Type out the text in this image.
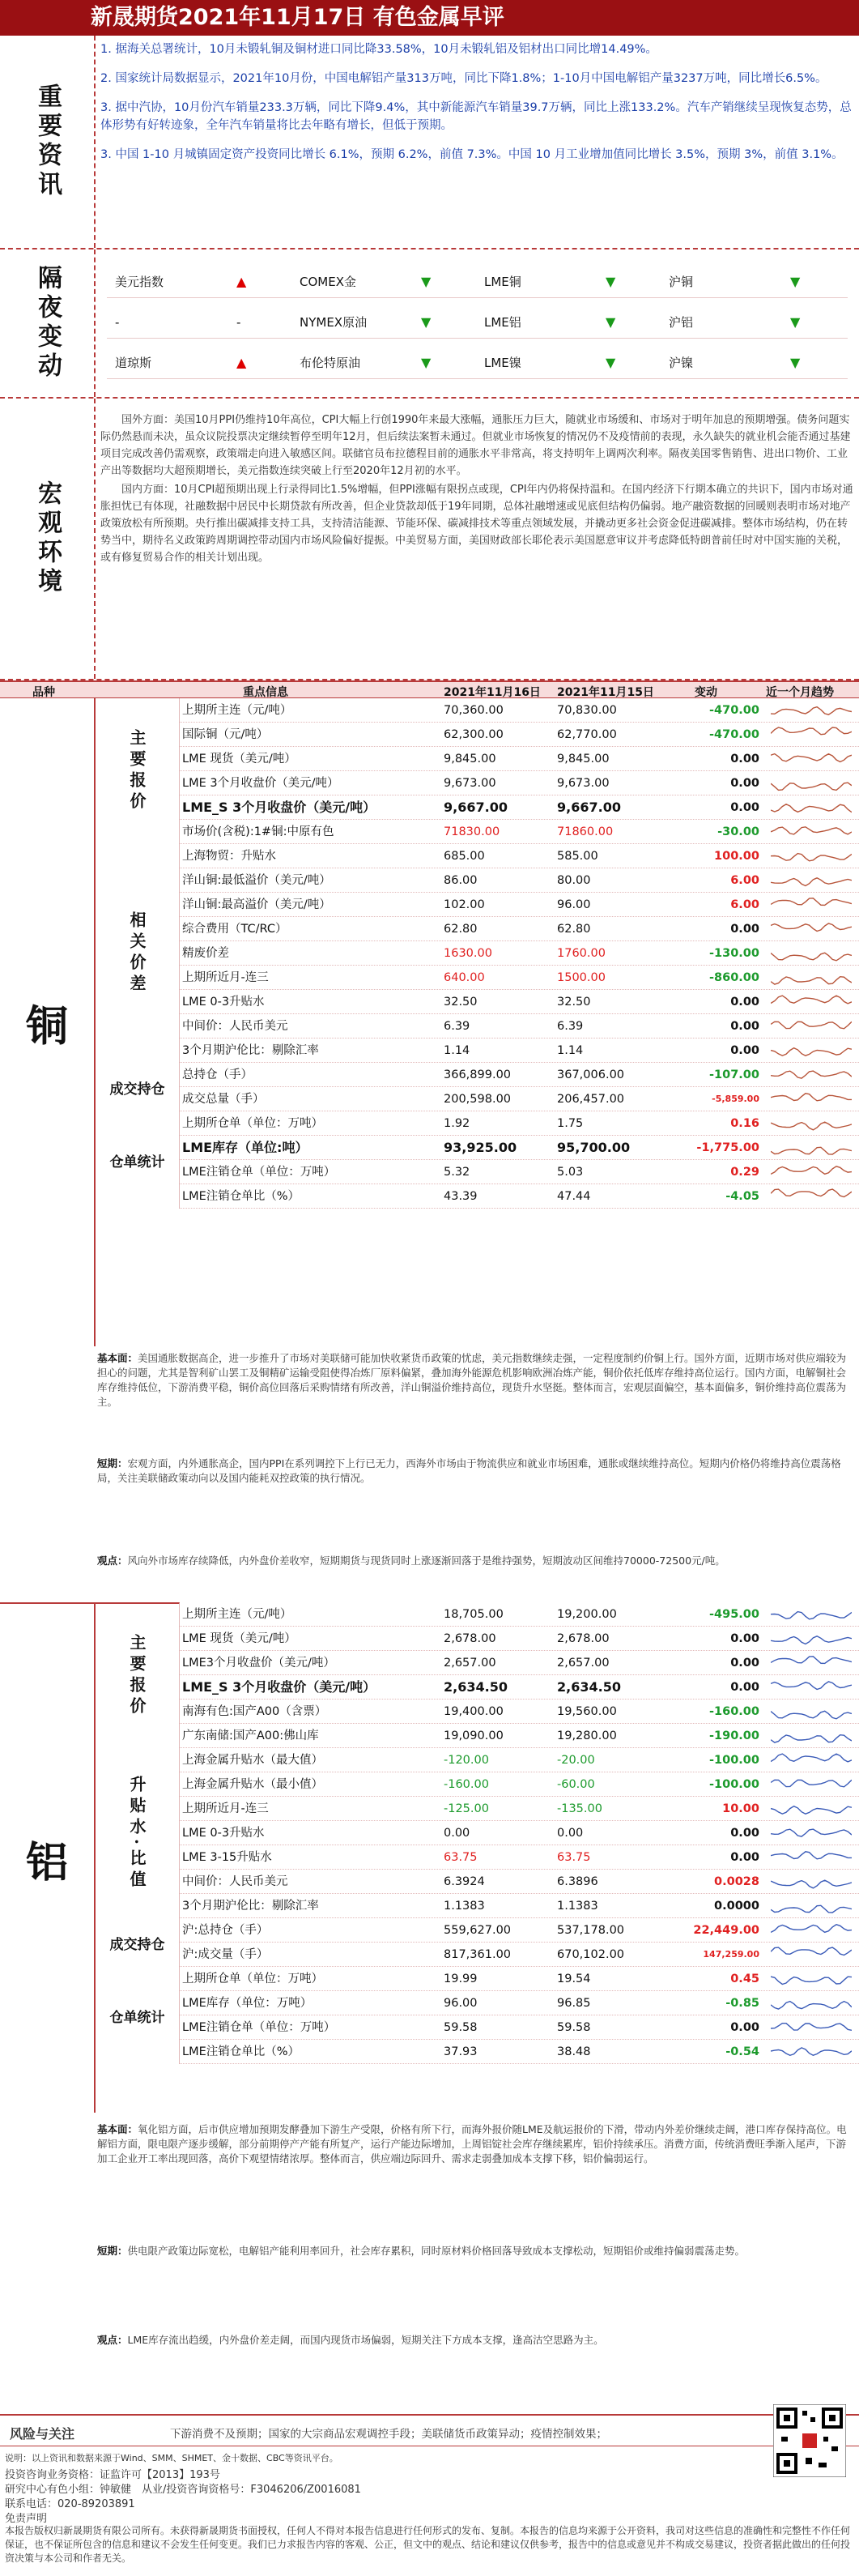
新晟期货2021年11月17日 有色金属早评
重要资讯

1. 据海关总署统计，10月未锻轧铜及铜材进口同比降33.58%，10月未锻轧铝及铝材出口同比增14.49%。

2. 国家统计局数据显示，2021年10月份，中国电解铝产量313万吨，同比下降1.8%；1-10月中国电解铝产量3237万吨，同比增长6.5%。

3. 据中汽协，10月份汽车销量233.3万辆，同比下降9.4%，其中新能源汽车销量39.7万辆，同比上涨133.2%。汽车产销继续呈现恢复态势，总体形势有好转迹象，全年汽车销量将比去年略有增长，但低于预期。

3. 中国 1-10 月城镇固定资产投资同比增长 6.1%，预期 6.2%，前值 7.3%。中国 10 月工业增加值同比增长 3.5%，预期 3%，前值 3.1%。

隔夜变动	美元指数	▲	COMEX金	▼	LME铜	▼	沪铜	▼
-	-	NYMEX原油	▼	LME铝	▼	沪铝	▼
道琼斯	▲	布伦特原油	▼	LME镍	▼	沪镍	▼
宏观环境

国外方面：美国10月PPI仍维持10年高位，CPI大幅上行创1990年来最大涨幅，通胀压力巨大，随就业市场缓和、市场对于明年加息的预期增强。债务问题实际仍然悬而未决，虽众议院投票决定继续暂停至明年12月，但后续法案暂未通过。但就业市场恢复的情况仍不及疫情前的表现，永久缺失的就业机会能否通过基建项目完成改善仍需观察，政策端走向进入敏感区间。联储官员布拉德程目前的通胀水平非常高，将支持明年上调两次利率。隔夜美国零售销售、进出口物价、工业产出等数据均大超预期增长，美元指数连续突破上行至2020年12月初的水平。

国内方面：10月CPI超预期出现上行录得同比1.5%增幅，但PPI涨幅有限拐点或现，CPI年内仍将保持温和。在国内经济下行期本确立的共识下，国内市场对通胀担忧已有体现，社融数据中居民中长期贷款有所改善，但企业贷款却低于19年同期，总体社融增速或见底但结构仍偏弱。地产融资数据的回暖则表明市场对地产政策放松有所预期。央行推出碳减排支持工具，支持清洁能源、节能环保、碳减排技术等重点领域发展，并撬动更多社会资金促进碳减排。整体市场结构，仍在转势当中，期待名义政策跨周期调控带动国内市场风险偏好提振。中美贸易方面，美国财政部长耶伦表示美国愿意审议并考虑降低特朗普前任时对中国实施的关税，或有修复贸易合作的相关计划出现。

品种	重点信息	2021年11月16日 2021年11月15日	变动	近一个月趋势
铜
主要报价
相关价差
成交持仓
仓单统计
上期所主连（元/吨）	70,360.00	70,830.00	-470.00
国际铜（元/吨）	62,300.00	62,770.00	-470.00
LME 现货（美元/吨）	9,845.00	9,845.00	0.00
LME 3个月收盘价（美元/吨）	9,673.00	9,673.00	0.00
LME_S 3个月收盘价（美元/吨）	9,667.00	9,667.00	0.00
市场价(含税):1#铜:中原有色	71830.00	71860.00	-30.00
上海物贸：升贴水	685.00	585.00	100.00
洋山铜:最低溢价（美元/吨）	86.00	80.00	6.00
洋山铜:最高溢价（美元/吨）	102.00	96.00	6.00
综合费用（TC/RC）	62.80	62.80	0.00
精废价差	1630.00	1760.00	-130.00
上期所近月-连三	640.00	1500.00	-860.00
LME 0-3升贴水	32.50	32.50	0.00
中间价：人民币美元	6.39	6.39	0.00
3个月期沪伦比：剔除汇率	1.14	1.14	0.00
总持仓（手）	366,899.00	367,006.00	-107.00
成交总量（手）	200,598.00	206,457.00	-5,859.00
上期所仓单（单位：万吨）	1.92	1.75	0.16
LME库存（单位:吨）	93,925.00	95,700.00	-1,775.00
LME注销仓单（单位：万吨）	5.32	5.03	0.29
LME注销仓单比（%）	43.39	47.44	-4.05
基本面：美国通胀数据高企，进一步推升了市场对美联储可能加快收紧货币政策的忧虑，美元指数继续走强，一定程度制约价铜上行。国外方面，近期市场对供应端较为担心的问题，尤其是智利矿山罢工及铜精矿运输受阻使得冶炼厂原料偏紧，叠加海外能源危机影响欧洲冶炼产能，铜价依托低库存维持高位运行。国内方面，电解铜社会库存维持低位，下游消费平稳，铜价高位回落后采购情绪有所改善，洋山铜溢价维持高位，现货升水坚挺。整体而言，宏观层面偏空，基本面偏多，铜价维持高位震荡为主。
短期：宏观方面，内外通胀高企，国内PPI在系列调控下上行已无力，西海外市场由于物流供应和就业市场困难，通胀或继续维持高位。短期内价格仍将维持高位震荡格局，关注美联储政策动向以及国内能耗双控政策的执行情况。
观点：风向外市场库存续降低，内外盘价差收窄，短期期货与现货同时上涨逐渐回落于是维持强势，短期波动区间维持70000-72500元/吨。
铝
主要报价
升贴水·比值
成交持仓
仓单统计
上期所主连（元/吨）	18,705.00	19,200.00	-495.00
LME 现货（美元/吨）	2,678.00	2,678.00	0.00
LME3个月收盘价（美元/吨）	2,657.00	2,657.00	0.00
LME_S 3个月收盘价（美元/吨）	2,634.50	2,634.50	0.00
南海有色:国产A00（含票）	19,400.00	19,560.00	-160.00
广东南储:国产A00:佛山库	19,090.00	19,280.00	-190.00
上海金属升贴水（最大值）	-120.00	-20.00	-100.00
上海金属升贴水（最小值）	-160.00	-60.00	-100.00
上期所近月-连三	-125.00	-135.00	10.00
LME 0-3升贴水	0.00	0.00	0.00
LME 3-15升贴水	63.75	63.75	0.00
中间价：人民币美元	6.3924	6.3896	0.0028
3个月期沪伦比：剔除汇率	1.1383	1.1383	0.0000
沪:总持仓（手）	559,627.00	537,178.00	22,449.00
沪:成交量（手）	817,361.00	670,102.00	147,259.00
上期所仓单（单位：万吨）	19.99	19.54	0.45
LME库存（单位：万吨）	96.00	96.85	-0.85
LME注销仓单（单位：万吨）	59.58	59.58	0.00
LME注销仓单比（%）	37.93	38.48	-0.54
基本面：氧化铝方面，后市供应增加预期发酵叠加下游生产受限，价格有所下行，而海外报价随LME及航运报价的下滑，带动内外差价继续走阔，港口库存保持高位。电解铝方面，限电限产逐步缓解，部分前期停产产能有所复产，运行产能边际增加，上周铝锭社会库存继续累库，铝价持续承压。消费方面，传统消费旺季渐入尾声，下游加工企业开工率出现回落，高价下观望情绪浓厚。整体而言，供应端边际回升、需求走弱叠加成本支撑下移，铝价偏弱运行。
短期：供电限产政策边际宽松，电解铝产能利用率回升，社会库存累积，同时原材料价格回落导致成本支撑松动，短期铝价或维持偏弱震荡走势。
观点：LME库存流出趋缓，内外盘价差走阔，而国内现货市场偏弱，短期关注下方成本支撑，逢高沽空思路为主。
风险与关注	下游消费不及预期；国家的大宗商品宏观调控手段；美联储货币政策异动；疫情控制效果；
说明：以上资讯和数据来源于Wind、SMM、SHMET、金十数据、CBC等资讯平台。
投资咨询业务资格：证监许可【2013】193号
研究中心有色小组：钟敏健　从业/投资咨询资格号：F3046206/Z0016081
联系电话：020-89203891
免责声明
本报告版权归新晟期货有限公司所有。未获得新晟期货书面授权，任何人不得对本报告信息进行任何形式的发布、复制。本报告的信息均来源于公开资料，我司对这些信息的准确性和完整性不作任何保证，也不保证所包含的信息和建议不会发生任何变更。我们已力求报告内容的客观、公正，但文中的观点、结论和建议仅供参考，报告中的信息或意见并不构成交易建议，投资者据此做出的任何投资决策与本公司和作者无关。
